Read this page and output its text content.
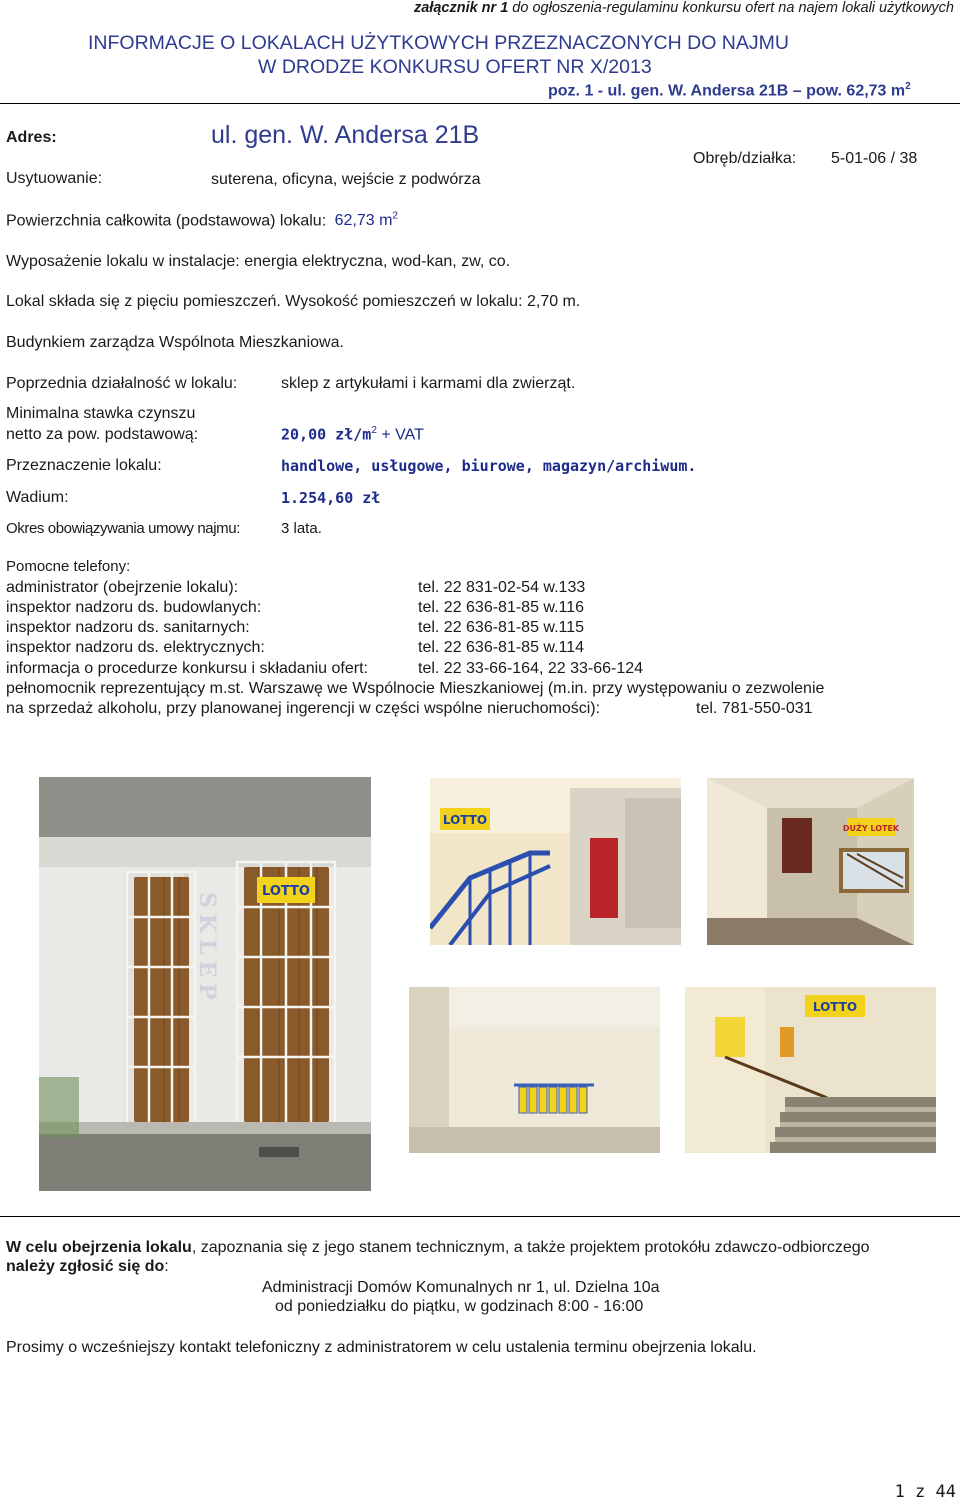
załącznik nr 1 do ogłoszenia-regulaminu konkursu ofert na najem lokali użytkowych
INFORMACJE O LOKALACH UŻYTKOWYCH PRZEZNACZONYCH DO NAJMU
W DRODZE KONKURSU OFERT NR X/2013
poz. 1 - ul. gen. W. Andersa 21B – pow. 62,73 $m^2$
Adres:	ul. gen. W. Andersa 21B
Usytuowanie:	suterena, oficyna, wejście z podwórza
Obręb/działka: 5-01-06 / 38
Powierzchnia całkowita (podstawowa) lokalu: 62,73 $m^2$
Wyposażenie lokalu w instalacje: energia elektryczna, wod-kan, zw, co.
Lokal składa się z pięciu pomieszczeń. Wysokość pomieszczeń w lokalu: 2,70 m.
Budynkiem zarządza Wspólnota Mieszkaniowa.
Poprzednia działalność w lokalu:	sklep z artykułami i karmami dla zwierząt.
Minimalna stawka czynszu
netto za pow. podstawową:	20,00 $zł/m^2$ + VAT
Przeznaczenie lokalu:	handlowe, usługowe, biurowe, magazyn/archiwum.
Wadium:	1.254,60 zł
Okres obowiązywania umowy najmu:	3 lata.
Pomocne telefony:
administrator (obejrzenie lokalu):	tel. 22 831-02-54 w.133
inspektor nadzoru ds. budowlanych:	tel. 22 636-81-85 w.116
inspektor nadzoru ds. sanitarnych:	tel. 22 636-81-85 w.115
inspektor nadzoru ds. elektrycznych:	tel. 22 636-81-85 w.114
informacja o procedurze konkursu i składaniu ofert:	tel. 22 33-66-164, 22 33-66-124
pełnomocnik reprezentujący m.st. Warszawę we Wspólnocie Mieszkaniowej (m.in. przy występowaniu o zezwolenie
na sprzedaż alkoholu, przy planowanej ingerencji w części wspólne nieruchomości):	tel. 781-550-031
LOTTO
SKLEP
LOTTO
DUŻY LOTEK
LOTTO
W celu obejrzenia lokalu, zapoznania się z jego stanem technicznym, a także projektem protokółu zdawczo-odbiorczego
należy zgłosić się do:
Administracji Domów Komunalnych nr 1, ul. Dzielna 10a
od poniedziałku do piątku, w godzinach 8:00 - 16:00
Prosimy o wcześniejszy kontakt telefoniczny z administratorem w celu ustalenia terminu obejrzenia lokalu.
1 z 44
